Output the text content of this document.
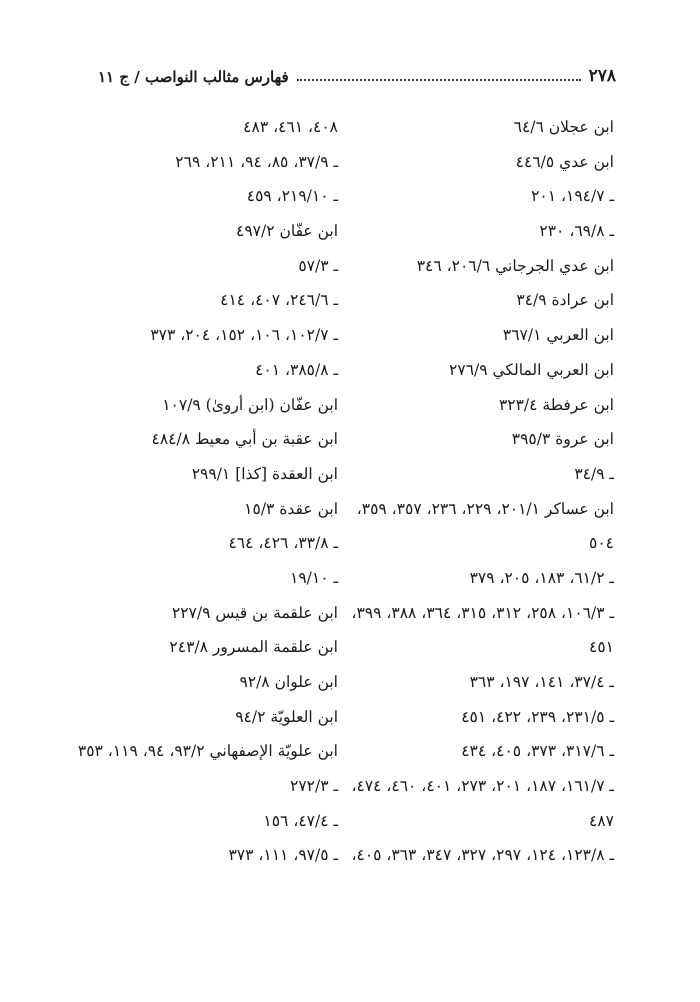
٢٧٨
فهارس مثالب النواصب / ج ١١
ابن عجلان ٦٤/٦
ابن عدي ٤٤٦/٥
ـ ١٩٤/٧، ٢٠١
ـ ٦٩/٨، ٢٣٠
ابن عدي الجرجاني ٢٠٦/٦، ٣٤٦
ابن عرادة ٣٤/٩
ابن العربي ٣٦٧/١
ابن العربي المالكي ٢٧٦/٩
ابن عرفطة ٣٢٣/٤
ابن عروة ٣٩٥/٣
ـ ٣٤/٩
ابن عساكر ٢٠١/١، ٢٢٩، ٢٣٦، ٣٥٧، ٣٥٩،
٥٠٤
ـ ٦١/٢، ١٨٣، ٢٠٥، ٣٧٩
ـ ١٠٦/٣، ٢٥٨، ٣١٢، ٣١٥، ٣٦٤، ٣٨٨، ٣٩٩،
٤٥١
ـ ٣٧/٤، ١٤١، ١٩٧، ٣٦٣
ـ ٢٣١/٥، ٢٣٩، ٤٢٢، ٤٥١
ـ ٣١٧/٦، ٣٧٣، ٤٠٥، ٤٣٤
ـ ١٦١/٧، ١٨٧، ٢٠١، ٢٧٣، ٤٠١، ٤٦٠، ٤٧٤،
٤٨٧
ـ ١٢٣/٨، ١٢٤، ٢٩٧، ٣٢٧، ٣٤٧، ٣٦٣، ٤٠٥،
٤٠٨، ٤٦١، ٤٨٣
ـ ٣٧/٩، ٨٥، ٩٤، ٢١١، ٢٦٩
ـ ٢١٩/١٠، ٤٥٩
ابن عفّان ٤٩٧/٢
ـ ٥٧/٣
ـ ٢٤٦/٦، ٤٠٧، ٤١٤
ـ ١٠٢/٧، ١٠٦، ١٥٢، ٢٠٤، ٣٧٣
ـ ٣٨٥/٨، ٤٠١
ابن عفّان (ابن أروىٰ) ١٠٧/٩
ابن عقبة بن أبي معيط ٤٨٤/٨
ابن العقدة [كذا] ٢٩٩/١
ابن عقدة ١٥/٣
ـ ٣٣/٨، ٤٢٦، ٤٦٤
ـ ١٩/١٠
ابن علقمة بن قيس ٢٢٧/٩
ابن علقمة المسرور ٢٤٣/٨
ابن علوان ٩٢/٨
ابن العلويّة ٩٤/٢
ابن علويّة الإصفهاني ٩٣/٢، ٩٤، ١١٩، ٣٥٣
ـ ٢٧٢/٣
ـ ٤٧/٤، ١٥٦
ـ ٩٧/٥، ١١١، ٣٧٣
